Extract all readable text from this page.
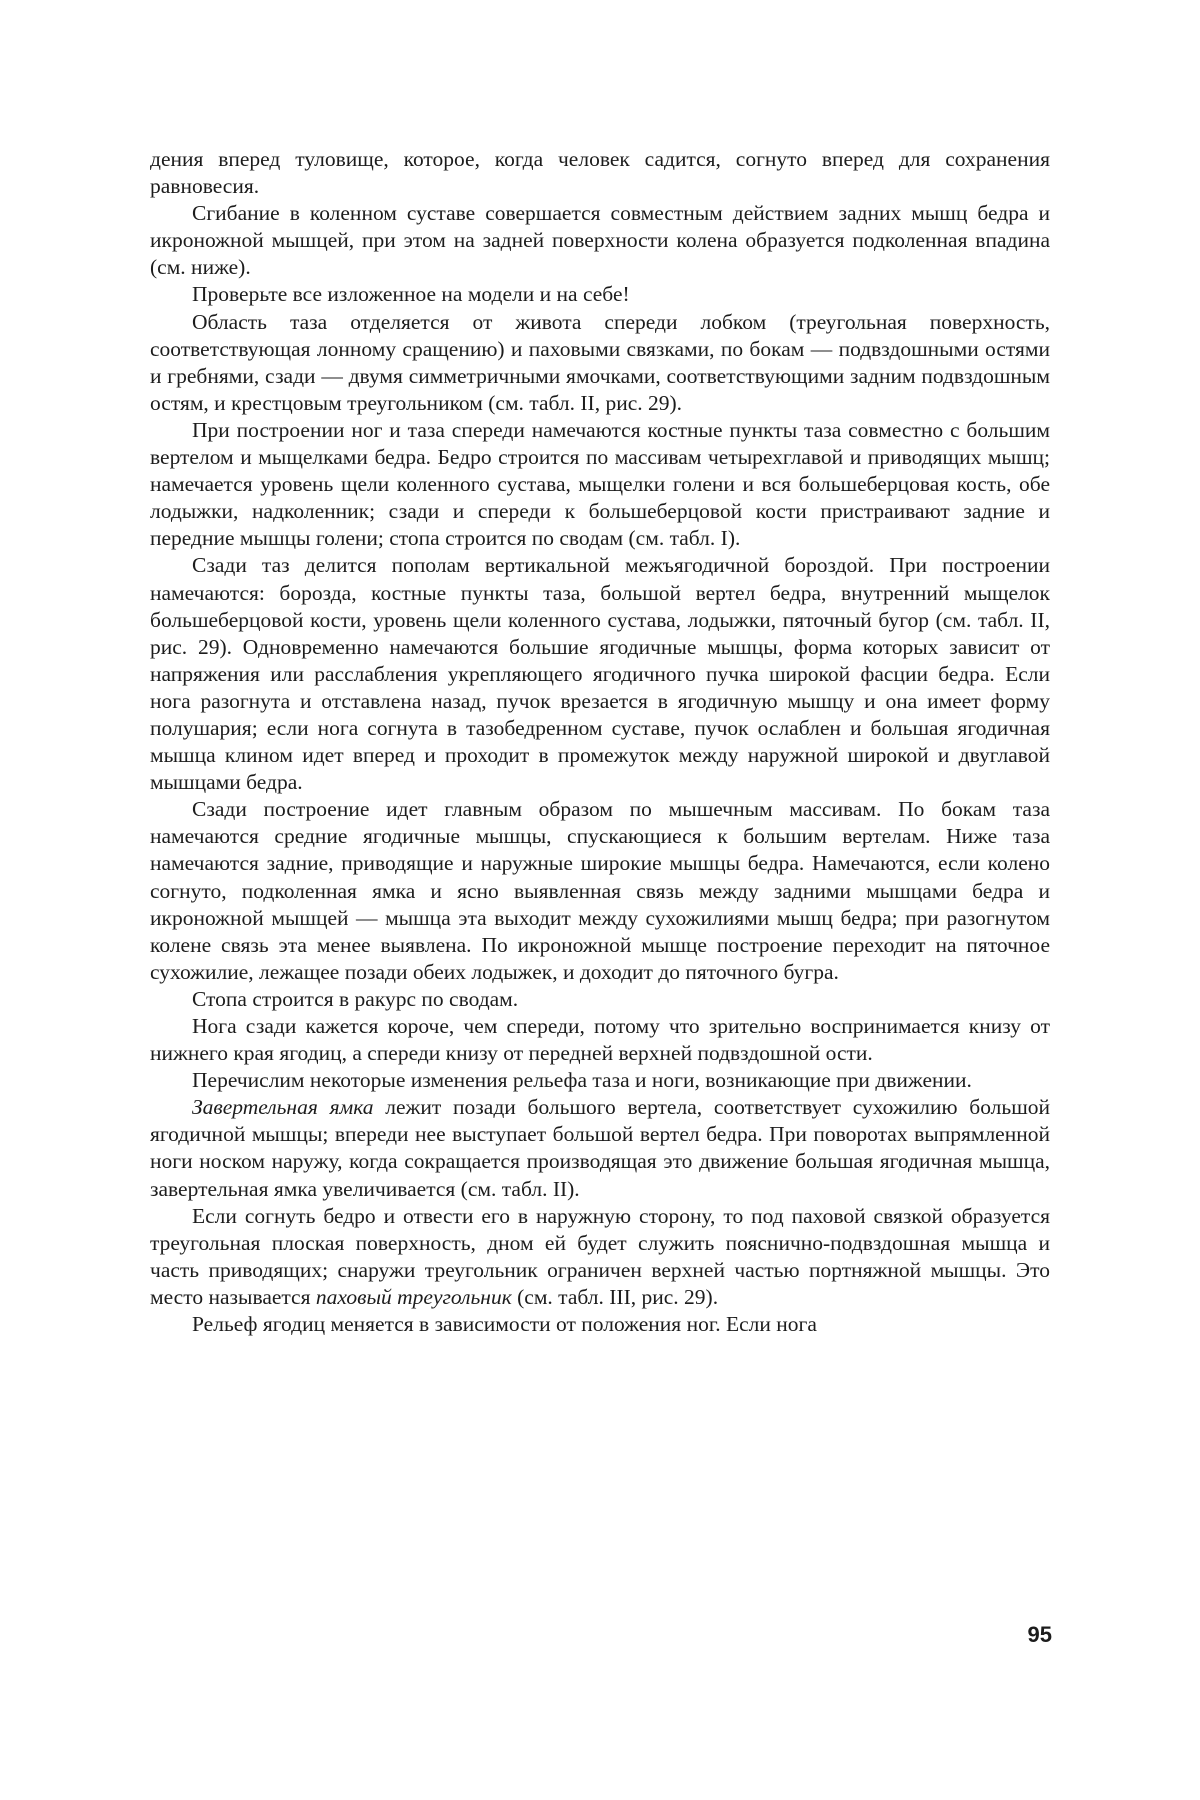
дения вперед туловище, которое, когда человек садится, согнуто вперед для сохранения равновесия.

Сгибание в коленном суставе совершается совместным действием задних мышц бедра и икроножной мышцей, при этом на задней поверхности колена образуется подколенная впадина (см. ниже).

Проверьте все изложенное на модели и на себе!

Область таза отделяется от живота спереди лобком (треугольная поверхность, соответствующая лонному сращению) и паховыми связками, по бокам — подвздошными остями и гребнями, сзади — двумя симметричными ямочками, соответствующими задним подвздошным остям, и крестцовым треугольником (см. табл. II, рис. 29).

При построении ног и таза спереди намечаются костные пункты таза совместно с большим вертелом и мыщелками бедра. Бедро строится по массивам четырехглавой и приводящих мышц; намечается уровень щели коленного сустава, мыщелки голени и вся большеберцовая кость, обе лодыжки, надколенник; сзади и спереди к большеберцовой кости пристраивают задние и передние мышцы голени; стопа строится по сводам (см. табл. I).

Сзади таз делится пополам вертикальной межъягодичной бороздой. При построении намечаются: борозда, костные пункты таза, большой вертел бедра, внутренний мыщелок большеберцовой кости, уровень щели коленного сустава, лодыжки, пяточный бугор (см. табл. II, рис. 29). Одновременно намечаются большие ягодичные мышцы, форма которых зависит от напряжения или расслабления укрепляющего ягодичного пучка широкой фасции бедра. Если нога разогнута и отставлена назад, пучок врезается в ягодичную мышцу и она имеет форму полушария; если нога согнута в тазобедренном суставе, пучок ослаблен и большая ягодичная мышца клином идет вперед и проходит в промежуток между наружной широкой и двуглавой мышцами бедра.

Сзади построение идет главным образом по мышечным массивам. По бокам таза намечаются средние ягодичные мышцы, спускающиеся к большим вертелам. Ниже таза намечаются задние, приводящие и наружные широкие мышцы бедра. Намечаются, если колено согнуто, подколенная ямка и ясно выявленная связь между задними мышцами бедра и икроножной мышцей — мышца эта выходит между сухожилиями мышц бедра; при разогнутом колене связь эта менее выявлена. По икроножной мышце построение переходит на пяточное сухожилие, лежащее позади обеих лодыжек, и доходит до пяточного бугра.

Стопа строится в ракурс по сводам.

Нога сзади кажется короче, чем спереди, потому что зрительно воспринимается книзу от нижнего края ягодиц, а спереди книзу от передней верхней подвздошной ости.

Перечислим некоторые изменения рельефа таза и ноги, возникающие при движении.

Завертельная ямка лежит позади большого вертела, соответствует сухожилию большой ягодичной мышцы; впереди нее выступает большой вертел бедра. При поворотах выпрямленной ноги носком наружу, когда сокращается производящая это движение большая ягодичная мышца, завертельная ямка увеличивается (см. табл. II).

Если согнуть бедро и отвести его в наружную сторону, то под паховой связкой образуется треугольная плоская поверхность, дном ей будет служить пояснично-подвздошная мышца и часть приводящих; снаружи треугольник ограничен верхней частью портняжной мышцы. Это место называется паховый треугольник (см. табл. III, рис. 29).

Рельеф ягодиц меняется в зависимости от положения ног. Если нога

95
